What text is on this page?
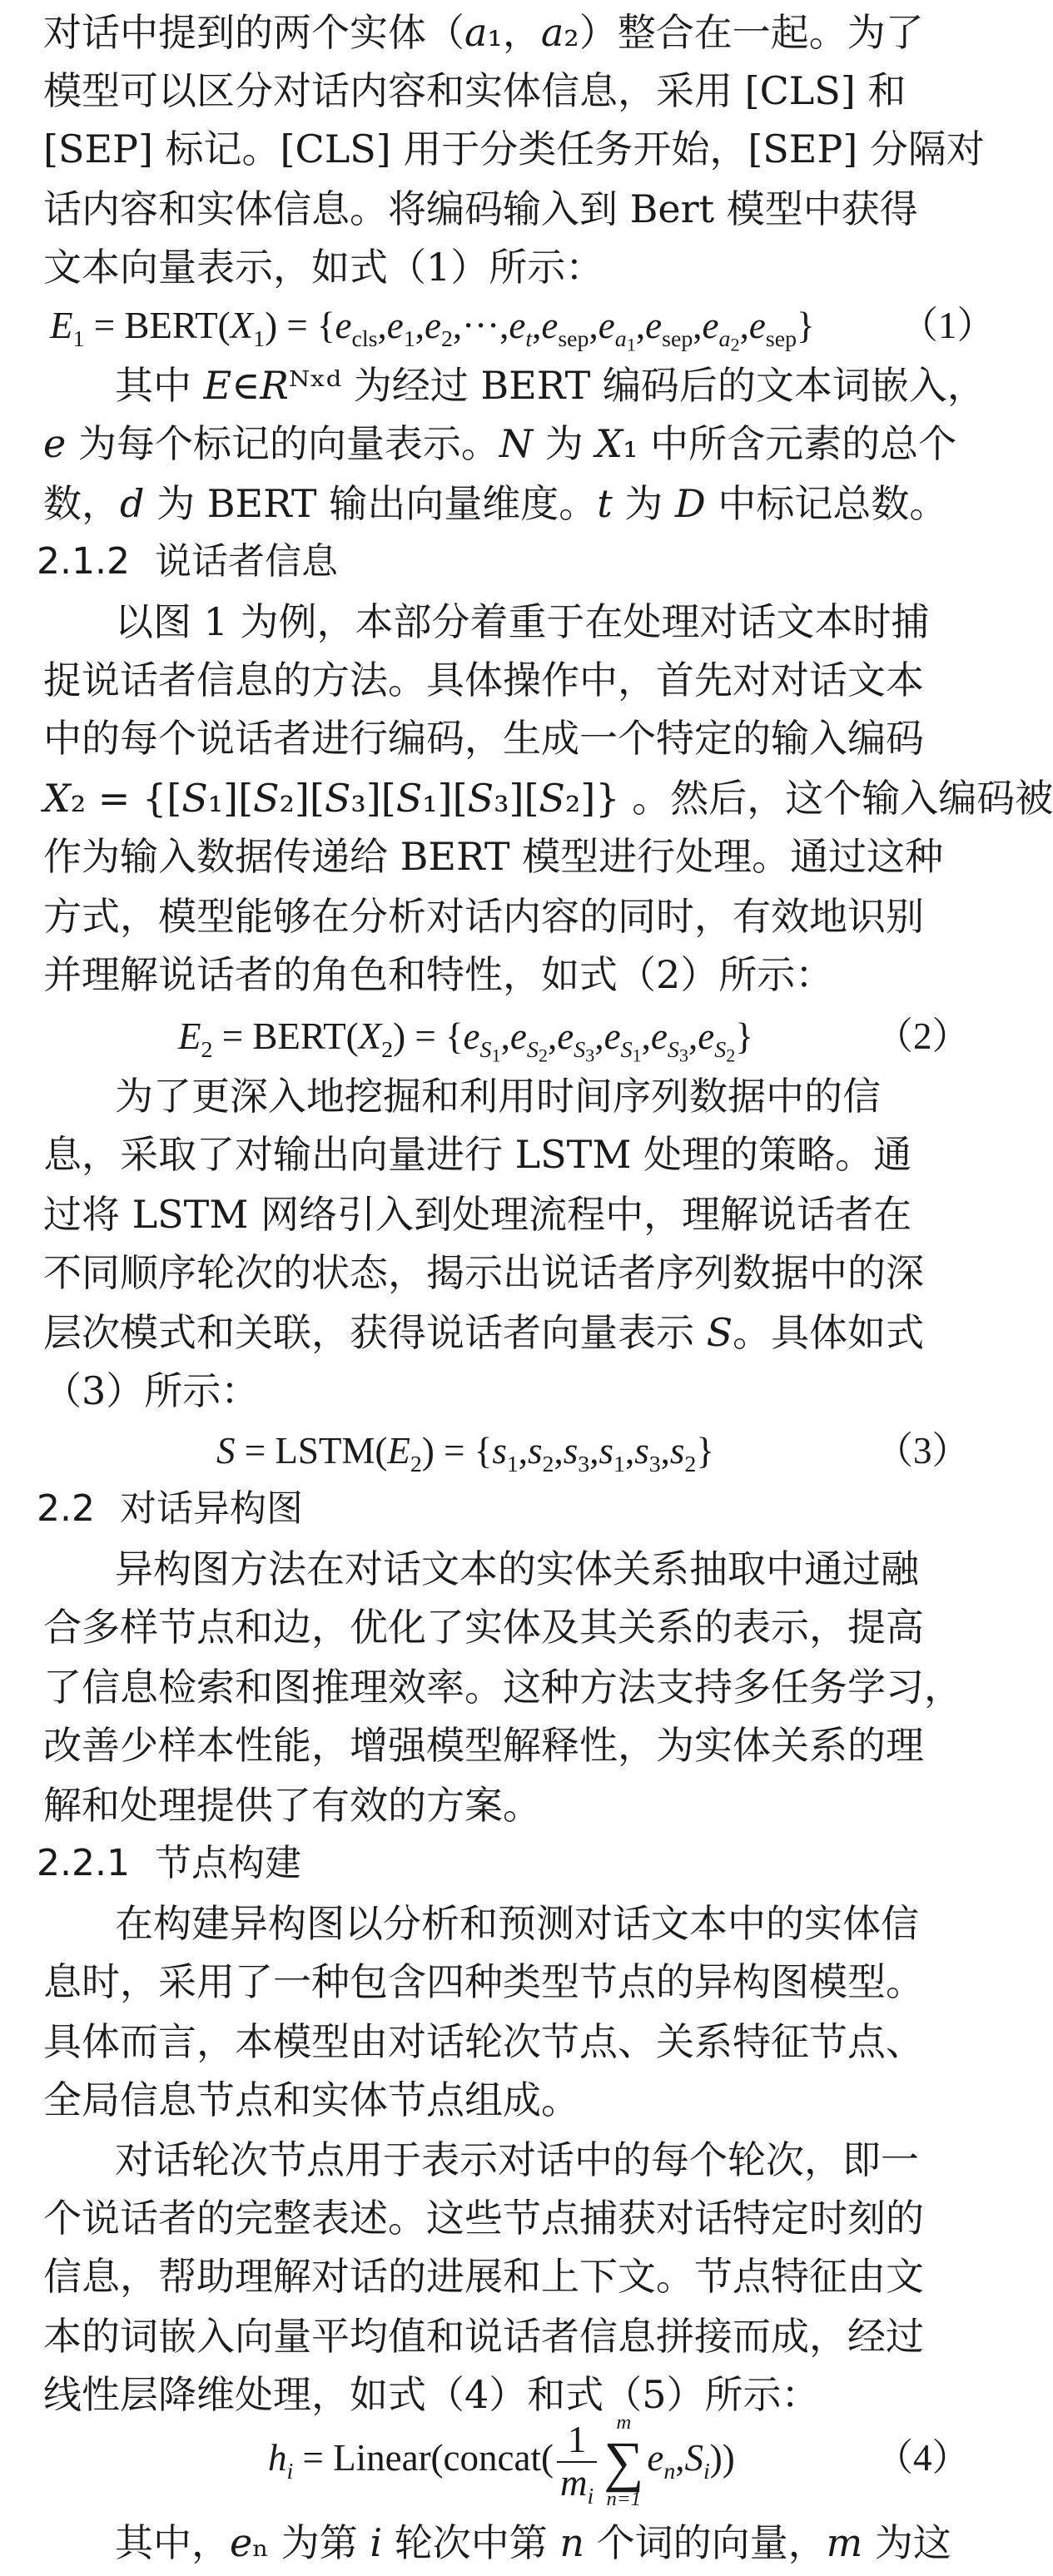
对话中提到的两个实体（𝑎₁，𝑎₂）整合在一起。为了
模型可以区分对话内容和实体信息，采用 [CLS] 和
[SEP] 标记。[CLS] 用于分类任务开始，[SEP] 分隔对
话内容和实体信息。将编码输入到 Bert 模型中获得
文本向量表示，如式（1）所示：
$E_1$ = $BERT(X_1) = \{e_{cls},e_1,e_2,\cdot\cdot\cdot,e_t,e_{sep},e_{a_1},e_{sep},e_{a_2},e_{sep}\}$ （1）
其中 𝐸∈𝑅ᴺˣᵈ 为经过 BERT 编码后的文本词嵌入，
𝑒 为每个标记的向量表示。𝑁 为 𝑋₁ 中所含元素的总个
数，𝑑 为 BERT 输出向量维度。𝑡 为 𝐷 中标记总数。
2.1.2 说话者信息
以图 1 为例，本部分着重于在处理对话文本时捕
捉说话者信息的方法。具体操作中，首先对对话文本
中的每个说话者进行编码，生成一个特定的输入编码
𝑋₂ = {[𝑆₁][𝑆₂][𝑆₃][𝑆₁][𝑆₃][𝑆₂]} 。然后，这个输入编码被
作为输入数据传递给 BERT 模型进行处理。通过这种
方式，模型能够在分析对话内容的同时，有效地识别
并理解说话者的角色和特性，如式（2）所示：
$E_2$ = $BERT(X_2) = \{e_{S_1},e_{S_2},e_{S_3},e_{S_1},e_{S_3},e_{S_2}\}$	（2）
为了更深入地挖掘和利用时间序列数据中的信
息，采取了对输出向量进行 LSTM 处理的策略。通
过将 LSTM 网络引入到处理流程中，理解说话者在
不同顺序轮次的状态，揭示出说话者序列数据中的深
层次模式和关联，获得说话者向量表示 𝑆。具体如式
（3）所示：
$S = LSTM(E_2) = \{s_1,s_2,s_3,s_1,s_3,s_2\}$	（3）
2.2 对话异构图
异构图方法在对话文本的实体关系抽取中通过融
合多样节点和边，优化了实体及其关系的表示，提高
了信息检索和图推理效率。这种方法支持多任务学习，
改善少样本性能，增强模型解释性，为实体关系的理
解和处理提供了有效的方案。
2.2.1 节点构建
在构建异构图以分析和预测对话文本中的实体信
息时，采用了一种包含四种类型节点的异构图模型。
具体而言，本模型由对话轮次节点、关系特征节点、
全局信息节点和实体节点组成。
对话轮次节点用于表示对话中的每个轮次，即一
个说话者的完整表述。这些节点捕获对话特定时刻的
信息，帮助理解对话的进展和上下文。节点特征由文
本的词嵌入向量平均值和说话者信息拼接而成，经过
线性层降维处理，如式（4）和式（5）所示：
$h_i$ = Linear(concat( $\frac{1}{m_i}$ m
∑
n=1
$e_n,S_i$))	（4）
其中，𝑒ₙ 为第 𝑖 轮次中第 𝑛 个词的向量，𝑚 为这
